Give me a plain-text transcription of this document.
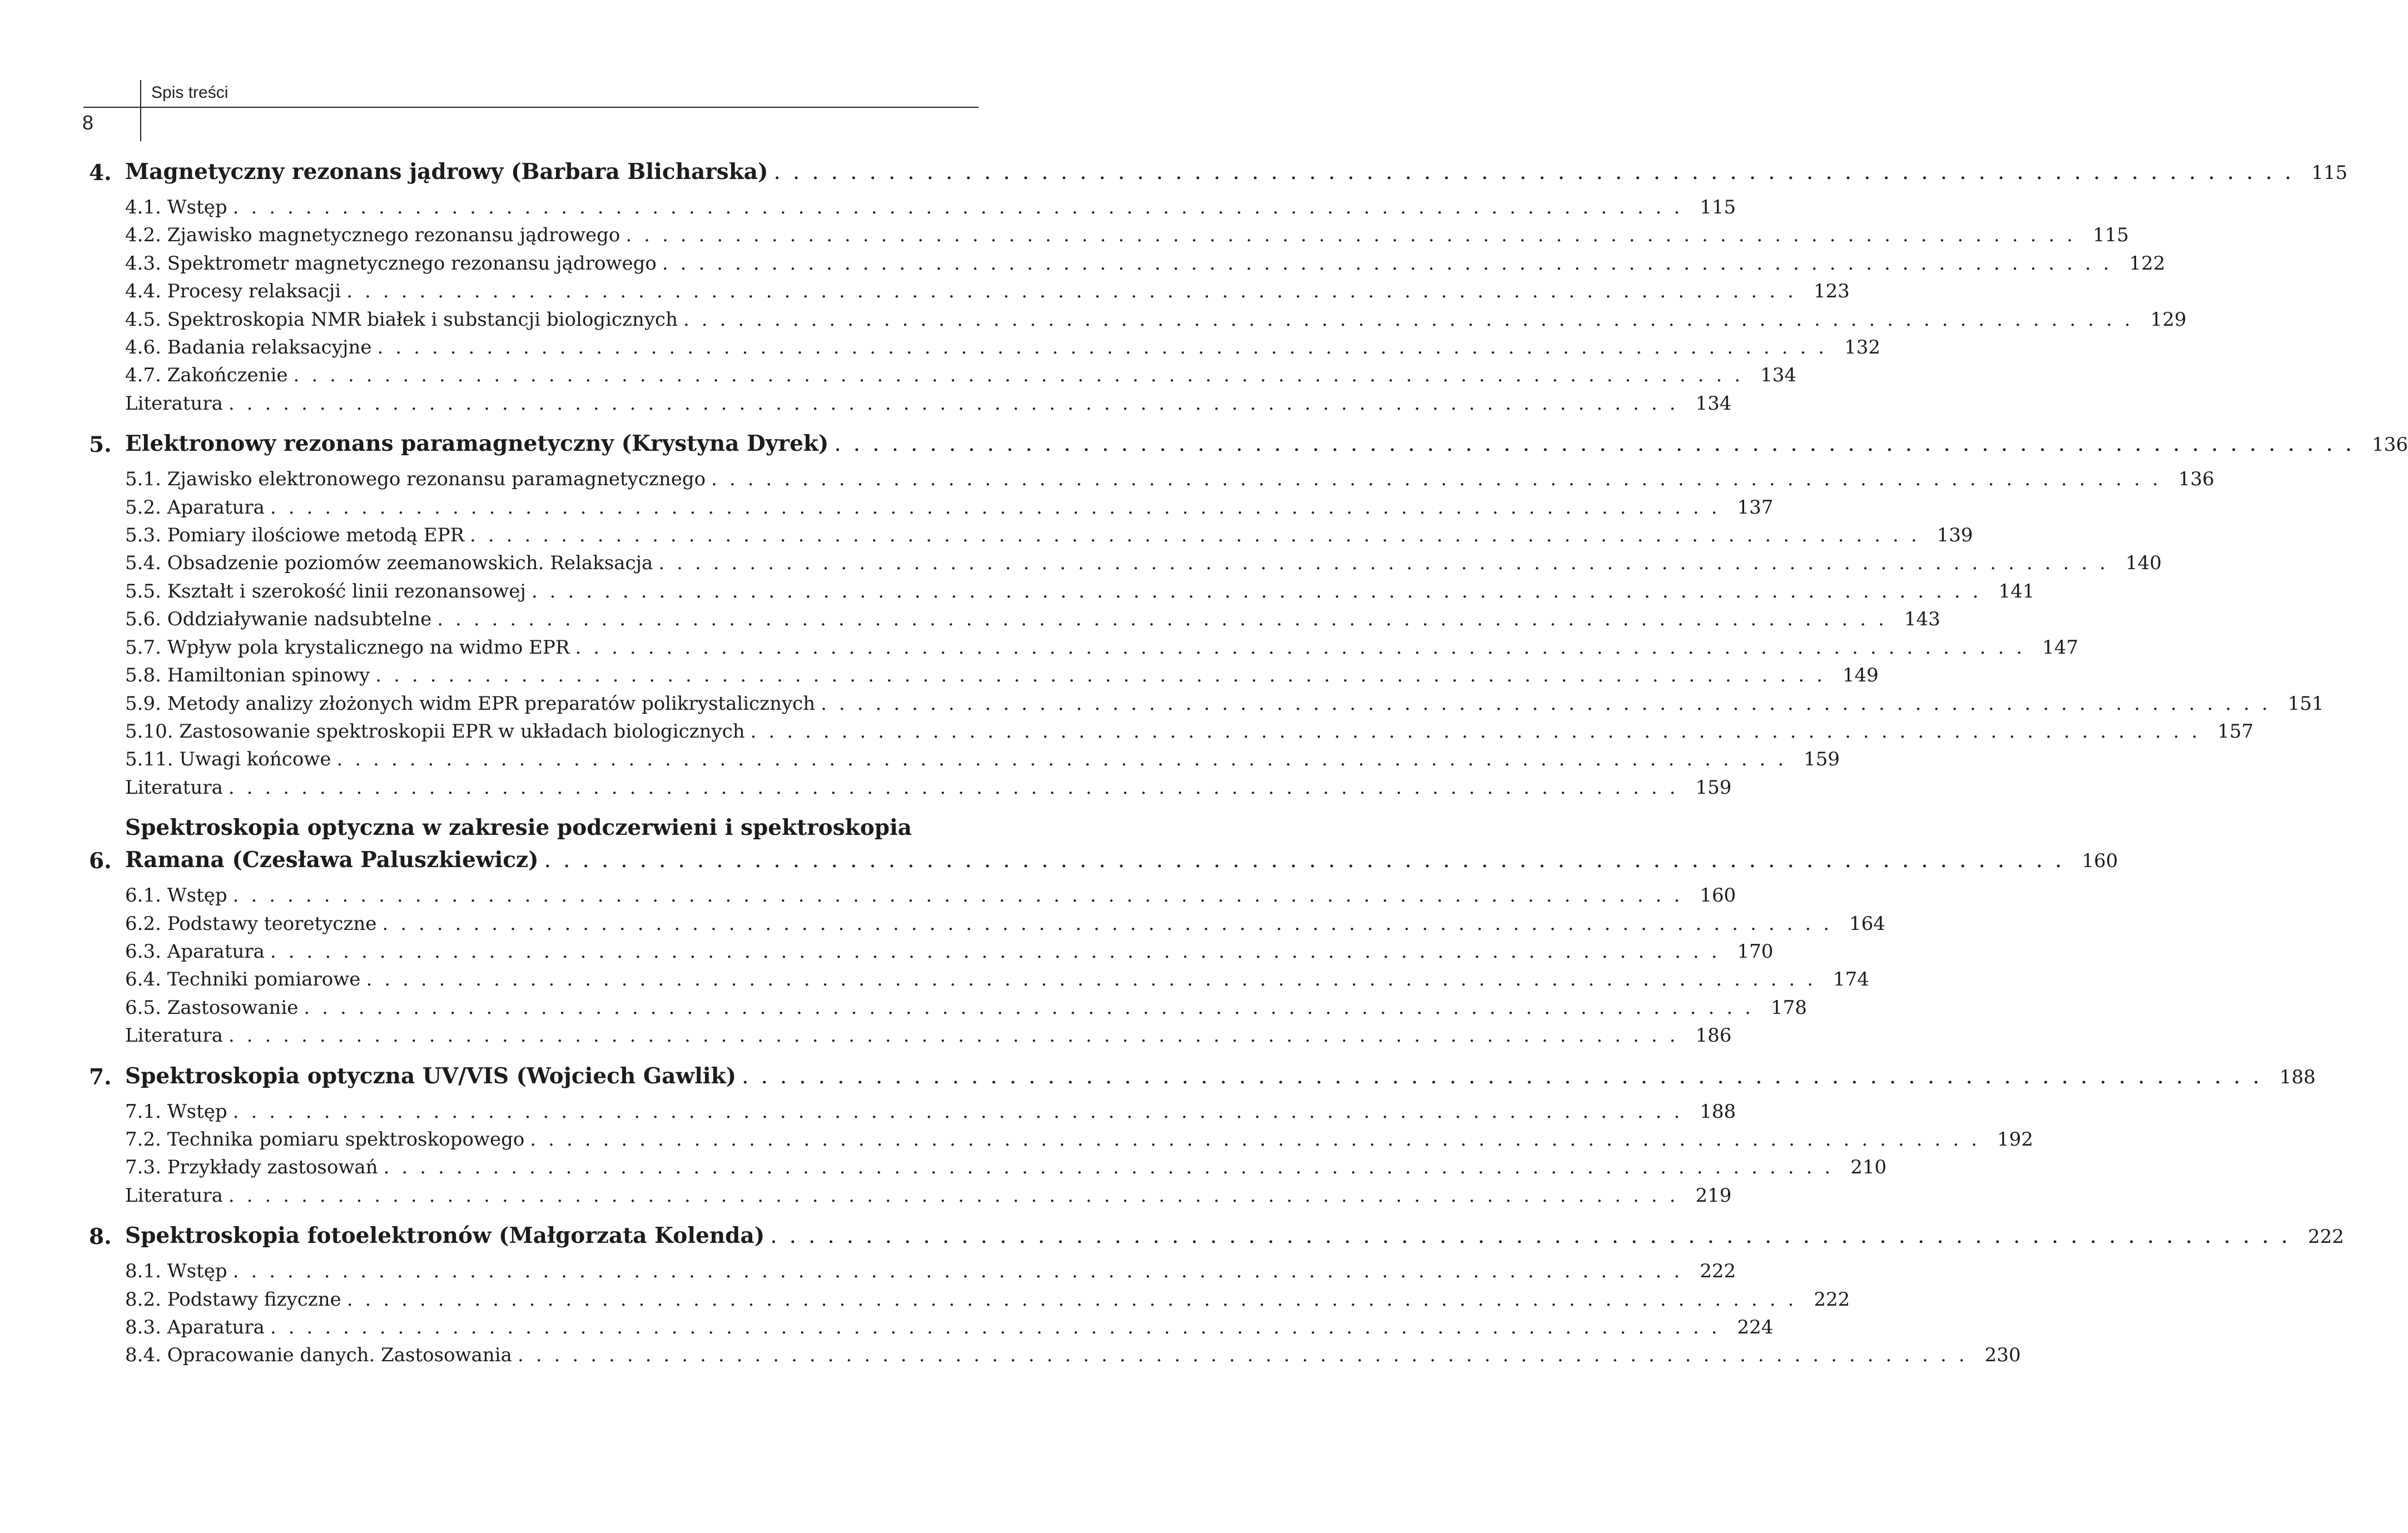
Spis treści
8
4. Magnetyczny rezonans jądrowy (Barbara Blicharska) ................................................................................ 115
4.1. Wstęp ................................................................................ 115
4.2. Zjawisko magnetycznego rezonansu jądrowego ................................................................................ 115
4.3. Spektrometr magnetycznego rezonansu jądrowego ................................................................................ 122
4.4. Procesy relaksacji ................................................................................ 123
4.5. Spektroskopia NMR białek i substancji biologicznych ................................................................................ 129
4.6. Badania relaksacyjne ................................................................................ 132
4.7. Zakończenie ................................................................................ 134
Literatura ................................................................................ 134
5. Elektronowy rezonans paramagnetyczny (Krystyna Dyrek) ................................................................................ 136
5.1. Zjawisko elektronowego rezonansu paramagnetycznego ................................................................................ 136
5.2. Aparatura ................................................................................ 137
5.3. Pomiary ilościowe metodą EPR ................................................................................ 139
5.4. Obsadzenie poziomów zeemanowskich. Relaksacja ................................................................................ 140
5.5. Kształt i szerokość linii rezonansowej ................................................................................ 141
5.6. Oddziaływanie nadsubtelne ................................................................................ 143
5.7. Wpływ pola krystalicznego na widmo EPR ................................................................................ 147
5.8. Hamiltonian spinowy ................................................................................ 149
5.9. Metody analizy złożonych widm EPR preparatów polikrystalicznych ................................................................................ 151
5.10. Zastosowanie spektroskopii EPR w układach biologicznych ................................................................................ 157
5.11. Uwagi końcowe ................................................................................ 159
Literatura ................................................................................ 159
6.
Spektroskopia optyczna w zakresie podczerwieni i spektroskopia
Ramana (Czesława Paluszkiewicz) ................................................................................ 160
6.1. Wstęp ................................................................................ 160
6.2. Podstawy teoretyczne ................................................................................ 164
6.3. Aparatura ................................................................................ 170
6.4. Techniki pomiarowe ................................................................................ 174
6.5. Zastosowanie ................................................................................ 178
Literatura ................................................................................ 186
7. Spektroskopia optyczna UV/VIS (Wojciech Gawlik) ................................................................................ 188
7.1. Wstęp ................................................................................ 188
7.2. Technika pomiaru spektroskopowego ................................................................................ 192
7.3. Przykłady zastosowań ................................................................................ 210
Literatura ................................................................................ 219
8. Spektroskopia fotoelektronów (Małgorzata Kolenda) ................................................................................ 222
8.1. Wstęp ................................................................................ 222
8.2. Podstawy fizyczne ................................................................................ 222
8.3. Aparatura ................................................................................ 224
8.4. Opracowanie danych. Zastosowania ................................................................................ 230
